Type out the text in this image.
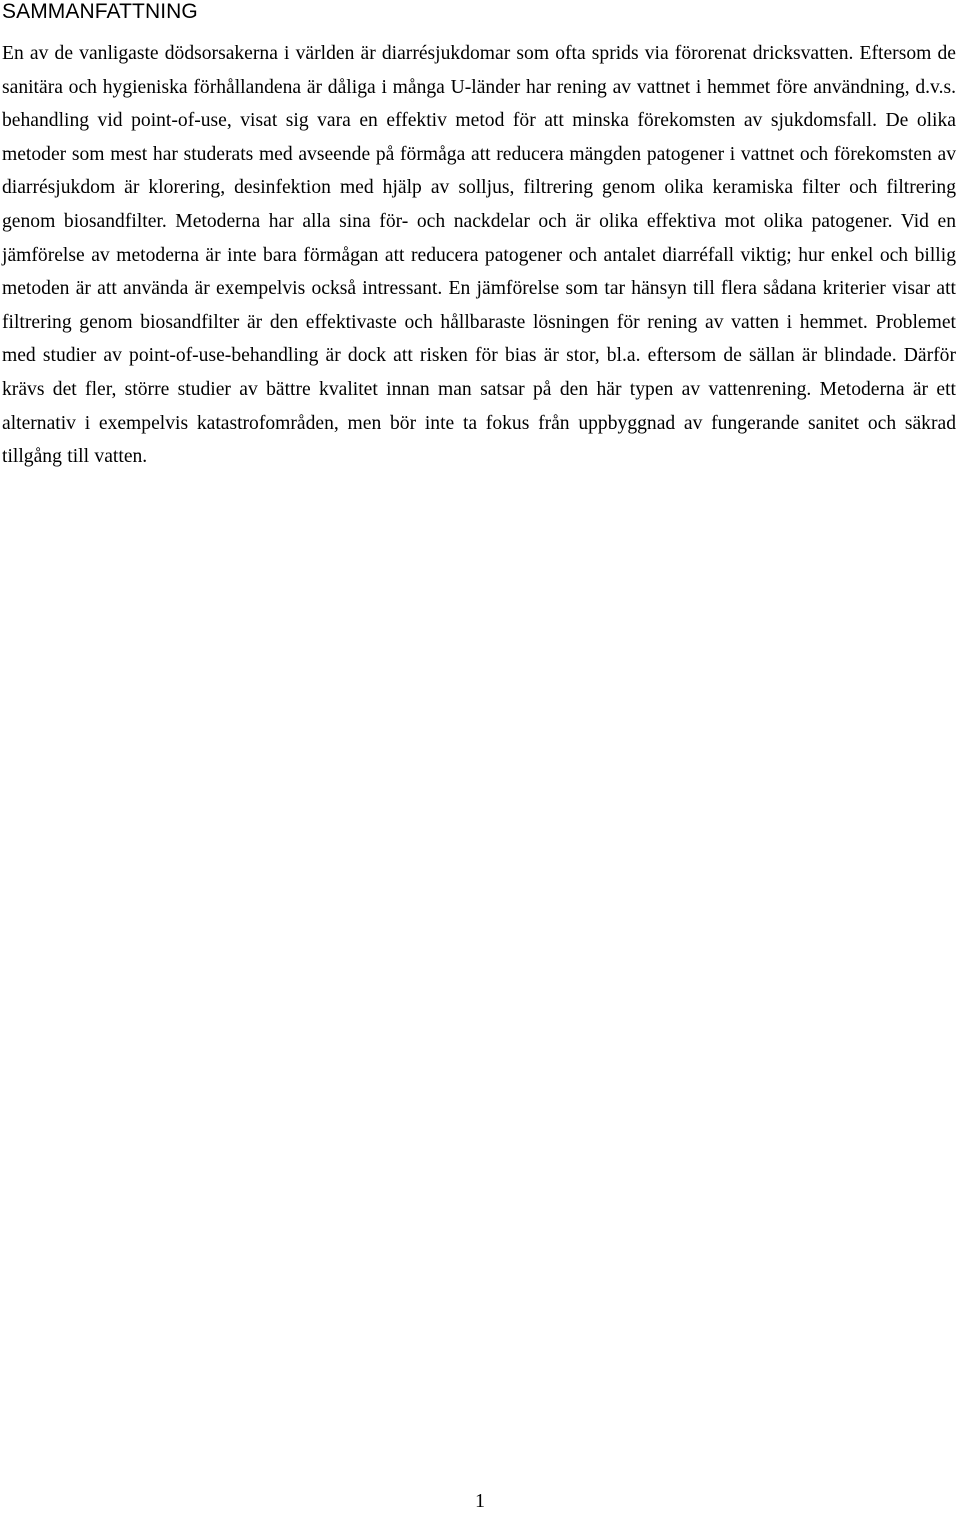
SAMMANFATTNING

En av de vanligaste dödsorsakerna i världen är diarrésjukdomar som ofta sprids via förorenat dricksvatten. Eftersom de sanitära och hygieniska förhållandena är dåliga i många U-länder har rening av vattnet i hemmet före användning, d.v.s. behandling vid point-of-use, visat sig vara en effektiv metod för att minska förekomsten av sjukdomsfall. De olika metoder som mest har studerats med avseende på förmåga att reducera mängden patogener i vattnet och förekomsten av diarrésjukdom är klorering, desinfektion med hjälp av solljus, filtrering genom olika keramiska filter och filtrering genom biosandfilter. Metoderna har alla sina för- och nackdelar och är olika effektiva mot olika patogener. Vid en jämförelse av metoderna är inte bara förmågan att reducera patogener och antalet diarréfall viktig; hur enkel och billig metoden är att använda är exempelvis också intressant. En jämförelse som tar hänsyn till flera sådana kriterier visar att filtrering genom biosandfilter är den effektivaste och hållbaraste lösningen för rening av vatten i hemmet. Problemet med studier av point-of-use-behandling är dock att risken för bias är stor, bl.a. eftersom de sällan är blindade. Därför krävs det fler, större studier av bättre kvalitet innan man satsar på den här typen av vattenrening. Metoderna är ett alternativ i exempelvis katastrofområden, men bör inte ta fokus från uppbyggnad av fungerande sanitet och säkrad tillgång till vatten.

1
